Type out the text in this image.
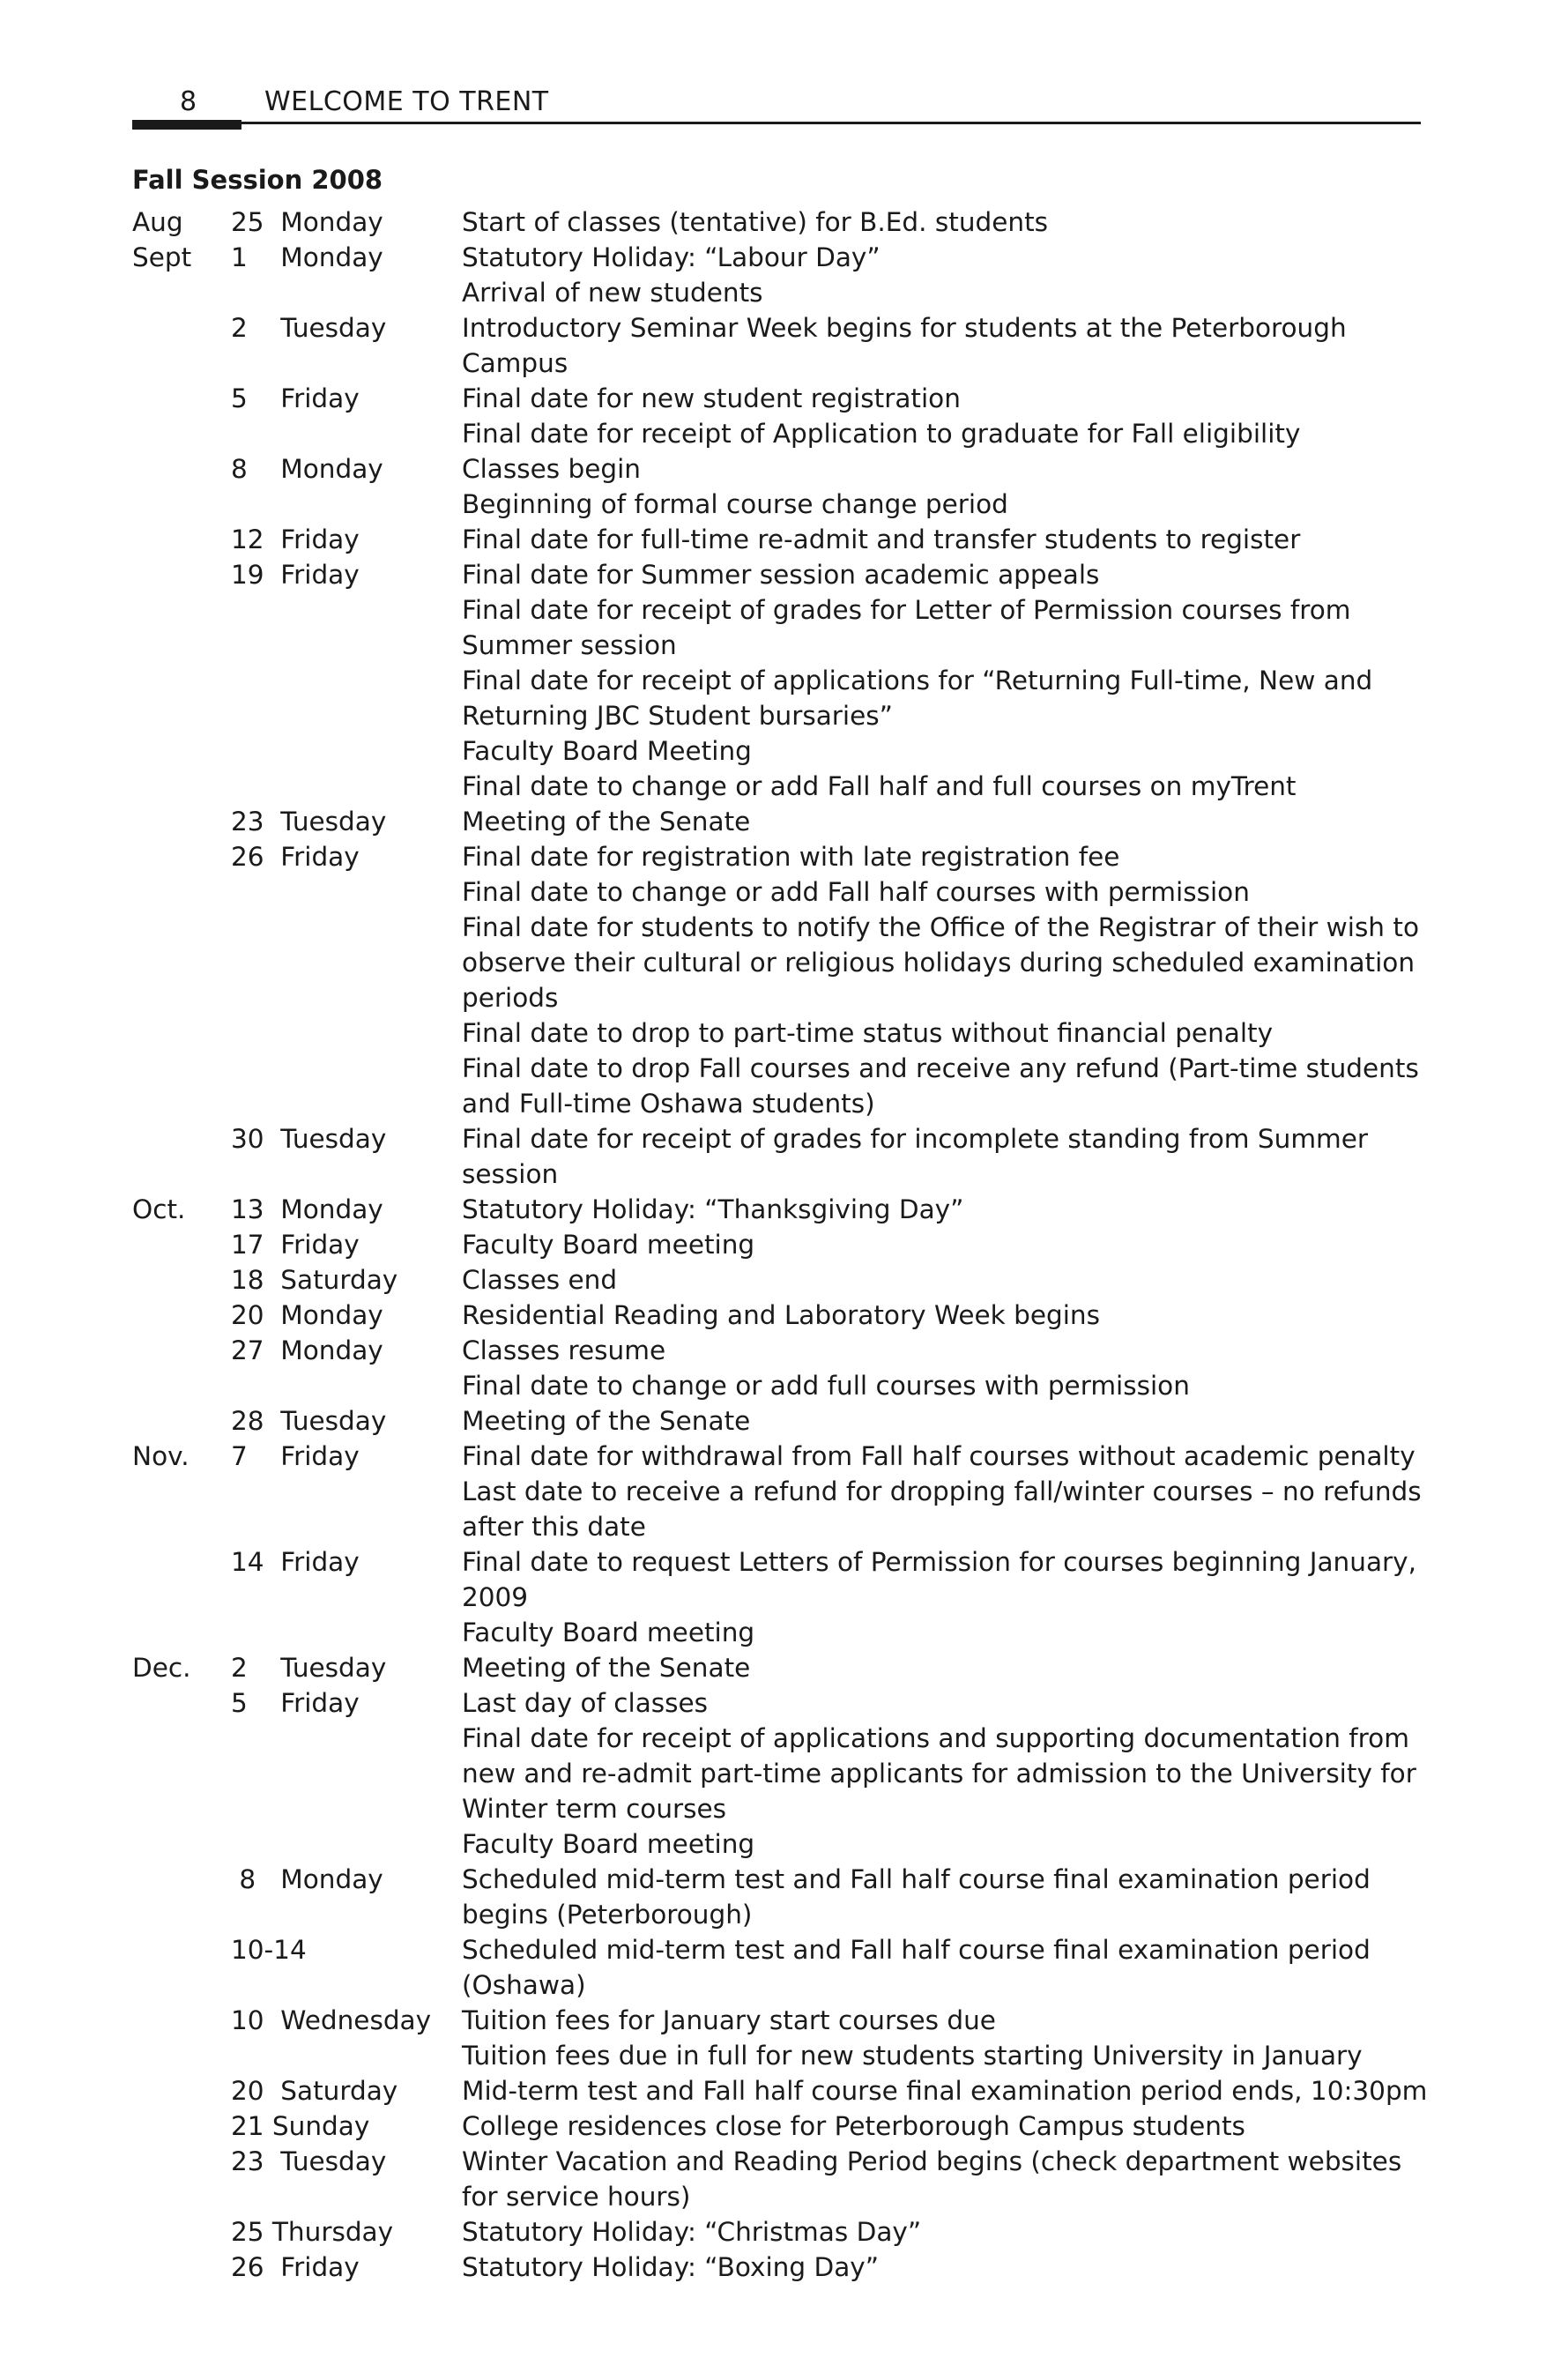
8	WELCOME TO TRENT
Fall Session 2008
Aug	25  Monday	Start of classes (tentative) for B.Ed. students
Sept	1    Monday	Statutory Holiday: “Labour Day”
Arrival of new students
2    Tuesday	Introductory Seminar Week begins for students at the Peterborough Campus
5    Friday	Final date for new student registration
Final date for receipt of Application to graduate for Fall eligibility
8    Monday	Classes begin
Beginning of formal course change period
12  Friday	Final date for full-time re-admit and transfer students to register
19  Friday	Final date for Summer session academic appeals
Final date for receipt of grades for Letter of Permission courses from Summer session
Final date for receipt of applications for “Returning Full-time, New and Returning JBC Student bursaries”
Faculty Board Meeting
Final date to change or add Fall half and full courses on myTrent
23  Tuesday	Meeting of the Senate
26  Friday	Final date for registration with late registration fee
Final date to change or add Fall half courses with permission
Final date for students to notify the Office of the Registrar of their wish to observe their cultural or religious holidays during scheduled examination periods
Final date to drop to part-time status without financial penalty
Final date to drop Fall courses and receive any refund (Part-time students and Full-time Oshawa students)
30  Tuesday	Final date for receipt of grades for incomplete standing from Summer session
Oct.	13  Monday	Statutory Holiday: “Thanksgiving Day”
17  Friday	Faculty Board meeting
18  Saturday	Classes end
20  Monday	Residential Reading and Laboratory Week begins
27  Monday	Classes resume
Final date to change or add full courses with permission
28  Tuesday	Meeting of the Senate
Nov.	7    Friday	Final date for withdrawal from Fall half courses without academic penalty
Last date to receive a refund for dropping fall/winter courses – no refunds after this date
14  Friday	Final date to request Letters of Permission for courses beginning January, 2009
Faculty Board meeting
Dec.	2    Tuesday	Meeting of the Senate
5    Friday	Last day of classes
Final date for receipt of applications and supporting documentation from new and re-admit part-time applicants for admission to the University for Winter term courses
Faculty Board meeting
8   Monday	Scheduled mid-term test and Fall half course final examination period begins (Peterborough)
10-14	Scheduled mid-term test and Fall half course final examination period (Oshawa)
10  Wednesday	Tuition fees for January start courses due
Tuition fees due in full for new students starting University in January
20  Saturday	Mid-term test and Fall half course final examination period ends, 10:30pm
21 Sunday	College residences close for Peterborough Campus students
23  Tuesday	Winter Vacation and Reading Period begins (check department websites for service hours)
25 Thursday	Statutory Holiday: “Christmas Day”
26  Friday	Statutory Holiday: “Boxing Day”
